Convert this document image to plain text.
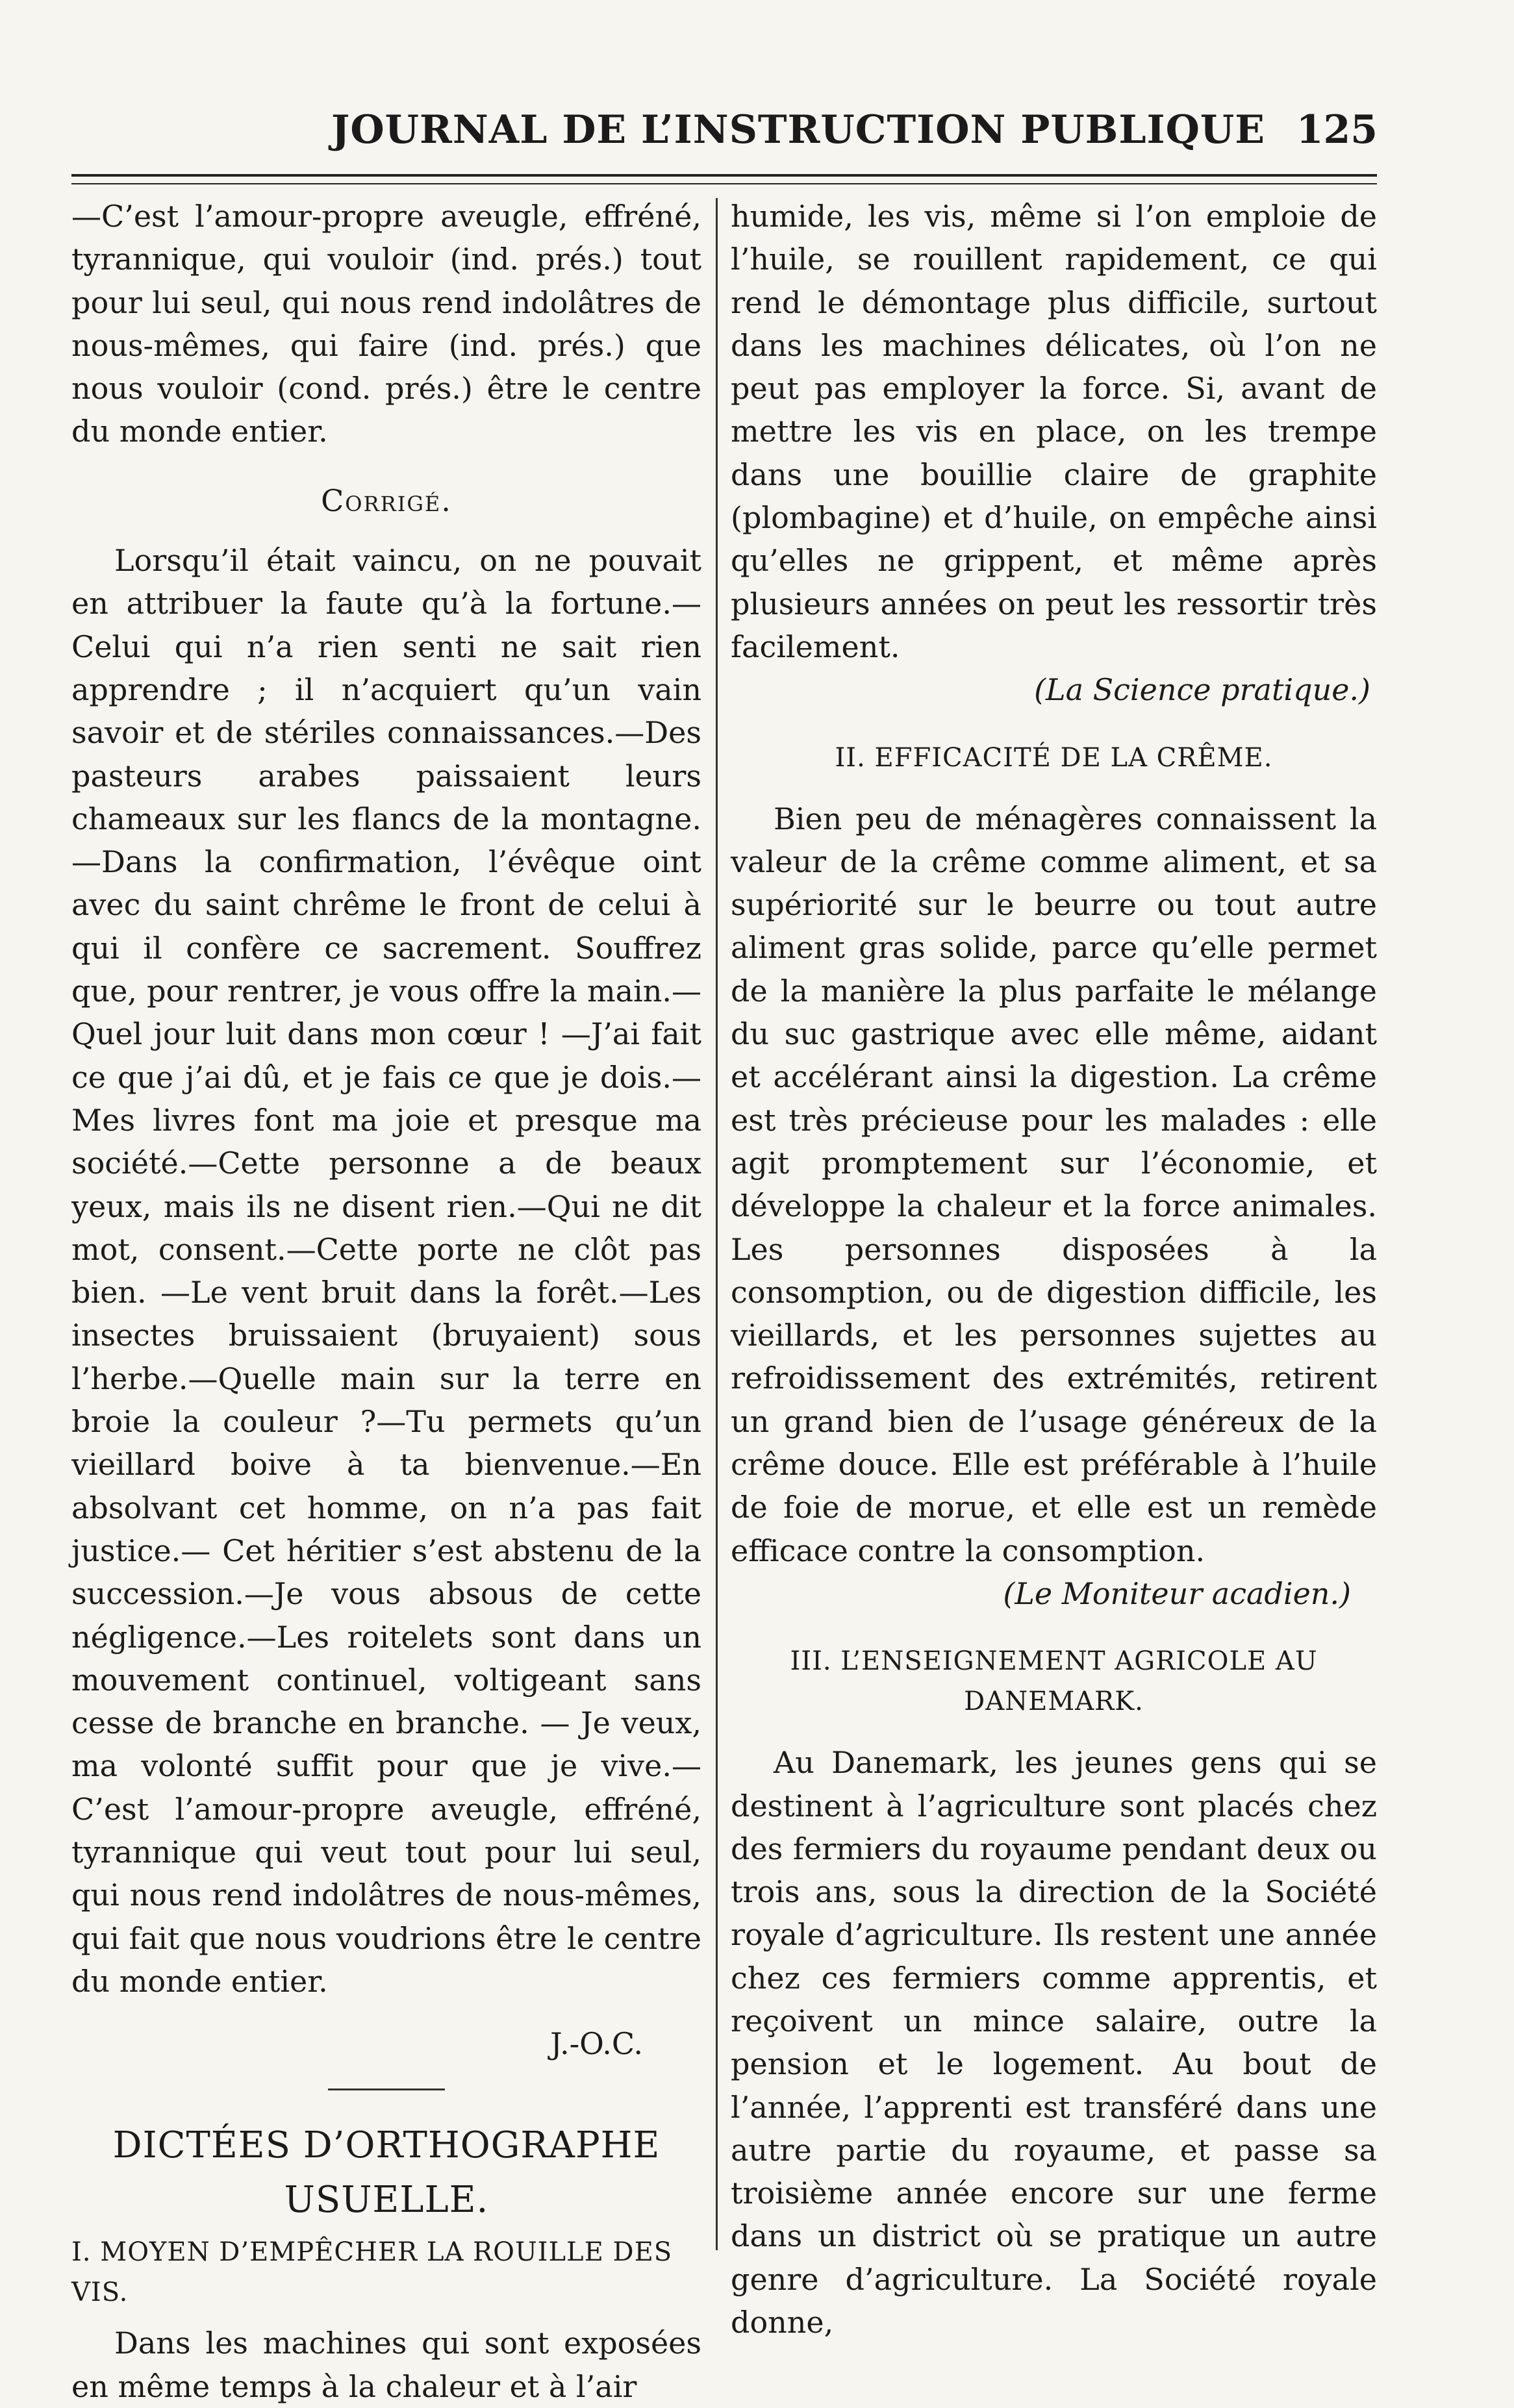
JOURNAL DE L’INSTRUCTION PUBLIQUE 125

—C’est l’amour-propre aveugle, effréné, tyrannique, qui vouloir (ind. prés.) tout pour lui seul, qui nous rend indolâtres de nous-mêmes, qui faire (ind. prés.) que nous vouloir (cond. prés.) être le centre du monde entier.

Corrigé.

Lorsqu’il était vaincu, on ne pouvait en attribuer la faute qu’à la fortune.—Celui qui n’a rien senti ne sait rien apprendre ; il n’acquiert qu’un vain savoir et de stériles connaissances.—Des pasteurs arabes paissaient leurs chameaux sur les flancs de la montagne.—Dans la confirmation, l’évêque oint avec du saint chrême le front de celui à qui il confère ce sacrement. Souffrez que, pour rentrer, je vous offre la main.—Quel jour luit dans mon cœur ! —J’ai fait ce que j’ai dû, et je fais ce que je dois.—Mes livres font ma joie et presque ma société.—Cette personne a de beaux yeux, mais ils ne disent rien.—Qui ne dit mot, consent.—Cette porte ne clôt pas bien. —Le vent bruit dans la forêt.—Les insectes bruissaient (bruyaient) sous l’herbe.—Quelle main sur la terre en broie la couleur ?—Tu permets qu’un vieillard boive à ta bienvenue.—En absolvant cet homme, on n’a pas fait justice.— Cet héritier s’est abstenu de la succession.—Je vous absous de cette négligence.—Les roitelets sont dans un mouvement continuel, voltigeant sans cesse de branche en branche. — Je veux, ma volonté suffit pour que je vive.— C’est l’amour-propre aveugle, effréné, tyrannique qui veut tout pour lui seul, qui nous rend indolâtres de nous-mêmes, qui fait que nous voudrions être le centre du monde entier.

J.-O.C.
DICTÉES D’ORTHOGRAPHE
USUELLE.
I. MOYEN D’EMPÊCHER LA ROUILLE DES VIS.

Dans les machines qui sont exposées en même temps à la chaleur et à l’air

humide, les vis, même si l’on emploie de l’huile, se rouillent rapidement, ce qui rend le démontage plus difficile, surtout dans les machines délicates, où l’on ne peut pas employer la force. Si, avant de mettre les vis en place, on les trempe dans une bouillie claire de graphite (plombagine) et d’huile, on empêche ainsi qu’elles ne grippent, et même après plusieurs années on peut les ressortir très facilement.

(La Science pratique.)

II. EFFICACITÉ DE LA CRÊME.

Bien peu de ménagères connaissent la valeur de la crême comme aliment, et sa supériorité sur le beurre ou tout autre aliment gras solide, parce qu’elle permet de la manière la plus parfaite le mélange du suc gastrique avec elle même, aidant et accélérant ainsi la digestion. La crême est très précieuse pour les malades : elle agit promptement sur l’économie, et développe la chaleur et la force animales. Les personnes disposées à la consomption, ou de digestion difficile, les vieillards, et les personnes sujettes au refroidissement des extrémités, retirent un grand bien de l’usage généreux de la crême douce. Elle est préférable à l’huile de foie de morue, et elle est un remède efficace contre la consomption.

(Le Moniteur acadien.)

III. L’ENSEIGNEMENT AGRICOLE AU DANEMARK.

Au Danemark, les jeunes gens qui se destinent à l’agriculture sont placés chez des fermiers du royaume pendant deux ou trois ans, sous la direction de la Société royale d’agriculture. Ils restent une année chez ces fermiers comme apprentis, et reçoivent un mince salaire, outre la pension et le logement. Au bout de l’année, l’apprenti est transféré dans une autre partie du royaume, et passe sa troisième année encore sur une ferme dans un district où se pratique un autre genre d’agriculture. La Société royale donne,
